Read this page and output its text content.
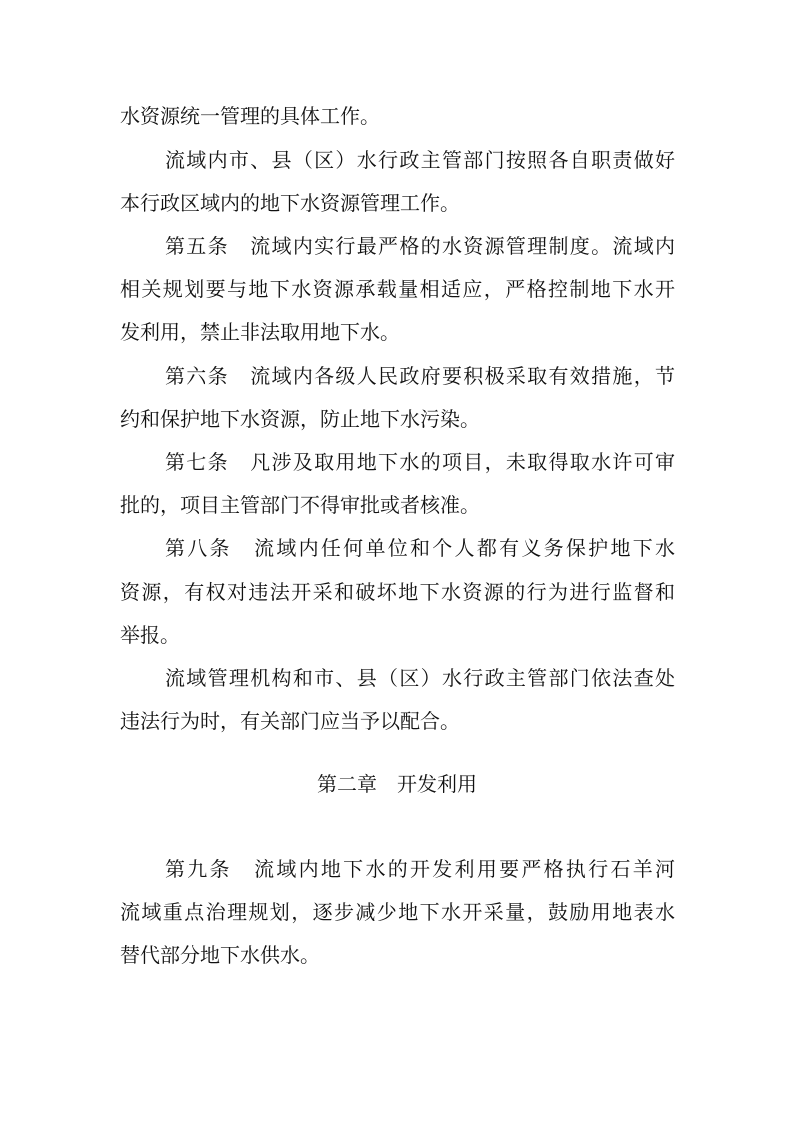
水资源统一管理的具体工作。
流域内市、县（区）水行政主管部门按照各自职责做好
本行政区域内的地下水资源管理工作。
第五条　流域内实行最严格的水资源管理制度。流域内
相关规划要与地下水资源承载量相适应，严格控制地下水开
发利用，禁止非法取用地下水。
第六条　流域内各级人民政府要积极采取有效措施，节
约和保护地下水资源，防止地下水污染。
第七条　凡涉及取用地下水的项目，未取得取水许可审
批的，项目主管部门不得审批或者核准。
第八条　流域内任何单位和个人都有义务保护地下水
资源，有权对违法开采和破坏地下水资源的行为进行监督和
举报。
流域管理机构和市、县（区）水行政主管部门依法查处
违法行为时，有关部门应当予以配合。
第二章　开发利用
第九条　流域内地下水的开发利用要严格执行石羊河
流域重点治理规划，逐步减少地下水开采量，鼓励用地表水
替代部分地下水供水。
